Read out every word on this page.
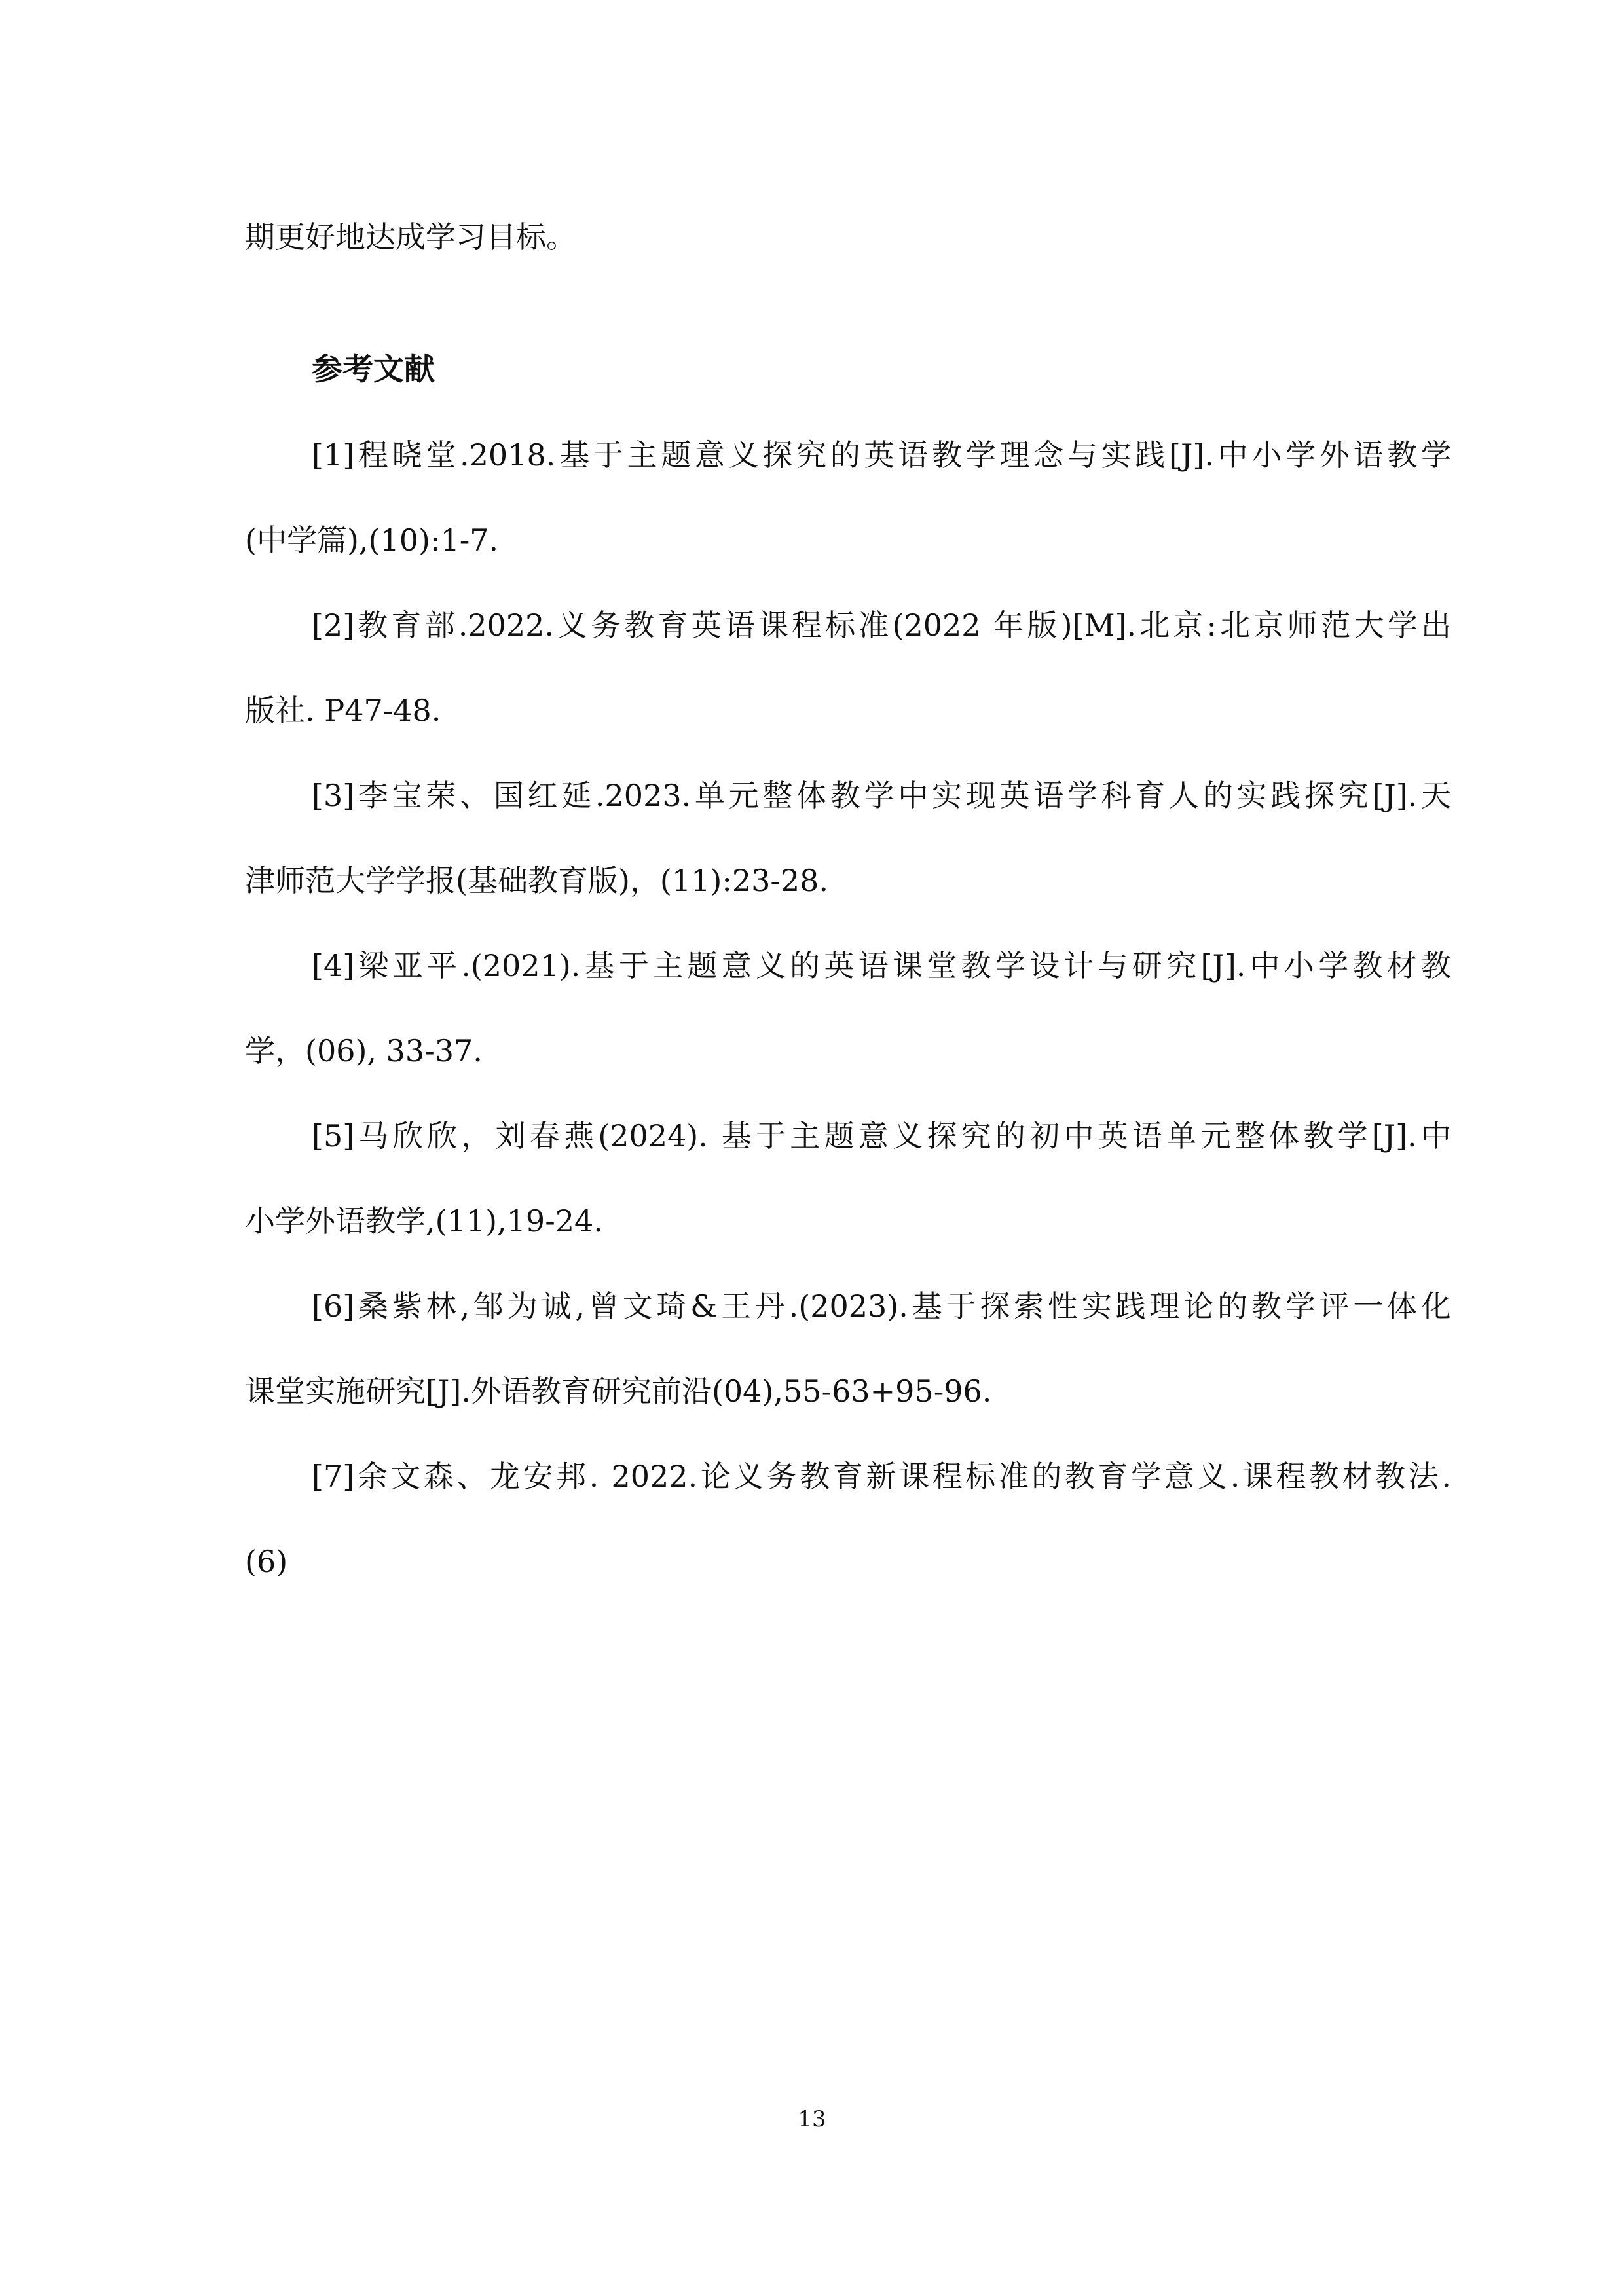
期更好地达成学习目标。
参考文献
[1]程晓堂.2018.基于主题意义探究的英语教学理念与实践[J].中小学外语教学
(中学篇),(10):1-7.
[2]教育部.2022.义务教育英语课程标准(2022 年版)[M].北京:北京师范大学出
版社. P47-48.
[3]李宝荣、国红延.2023.单元整体教学中实现英语学科育人的实践探究[J].天
津师范大学学报(基础教育版)，(11):23-28.
[4]梁亚平.(2021).基于主题意义的英语课堂教学设计与研究[J].中小学教材教
学，(06), 33-37.
[5]马欣欣，刘春燕(2024). 基于主题意义探究的初中英语单元整体教学[J].中
小学外语教学,(11),19-24.
[6]桑紫林,邹为诚,曾文琦&王丹.(2023).基于探索性实践理论的教学评一体化
课堂实施研究[J].外语教育研究前沿(04),55-63+95-96.
[7]余文森、龙安邦. 2022.论义务教育新课程标准的教育学意义.课程教材教法.
(6)
13
